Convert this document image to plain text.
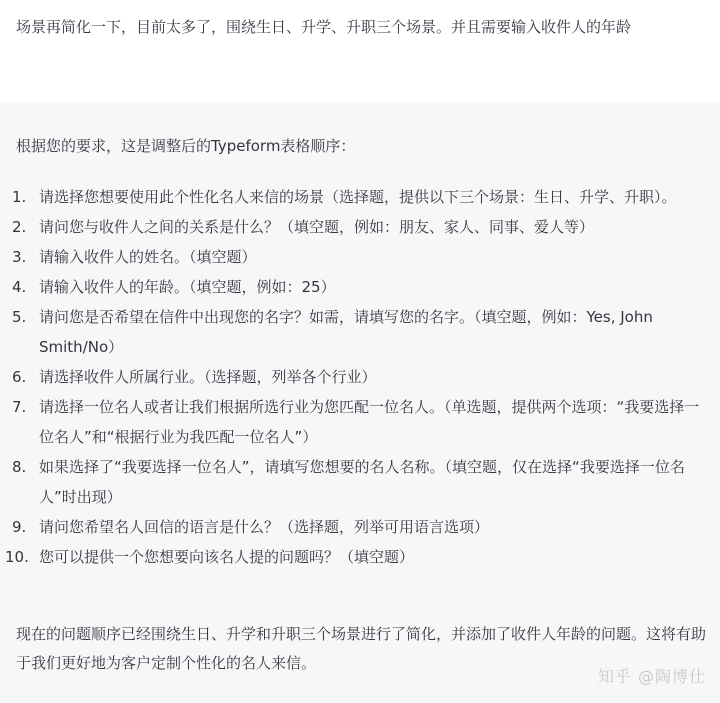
场景再简化一下，目前太多了，围绕生日、升学、升职三个场景。并且需要输入收件人的年龄
根据您的要求，这是调整后的Typeform表格顺序：
1. 请选择您想要使用此个性化名人来信的场景（选择题，提供以下三个场景：生日、升学、升职）。
2. 请问您与收件人之间的关系是什么？（填空题，例如：朋友、家人、同事、爱人等）
3. 请输入收件人的姓名。（填空题）
4. 请输入收件人的年龄。（填空题，例如：25）
5. 请问您是否希望在信件中出现您的名字？如需，请填写您的名字。（填空题，例如：Yes, John Smith/No）
6. 请选择收件人所属行业。（选择题，列举各个行业）
7. 请选择一位名人或者让我们根据所选行业为您匹配一位名人。（单选题，提供两个选项：“我要选择一位名人”和“根据行业为我匹配一位名人”）
8. 如果选择了“我要选择一位名人”，请填写您想要的名人名称。（填空题，仅在选择“我要选择一位名人”时出现）
9. 请问您希望名人回信的语言是什么？（选择题，列举可用语言选项）
10. 您可以提供一个您想要向该名人提的问题吗？（填空题）
现在的问题顺序已经围绕生日、升学和升职三个场景进行了简化，并添加了收件人年龄的问题。这将有助于我们更好地为客户定制个性化的名人来信。
知乎 @陶博仕
